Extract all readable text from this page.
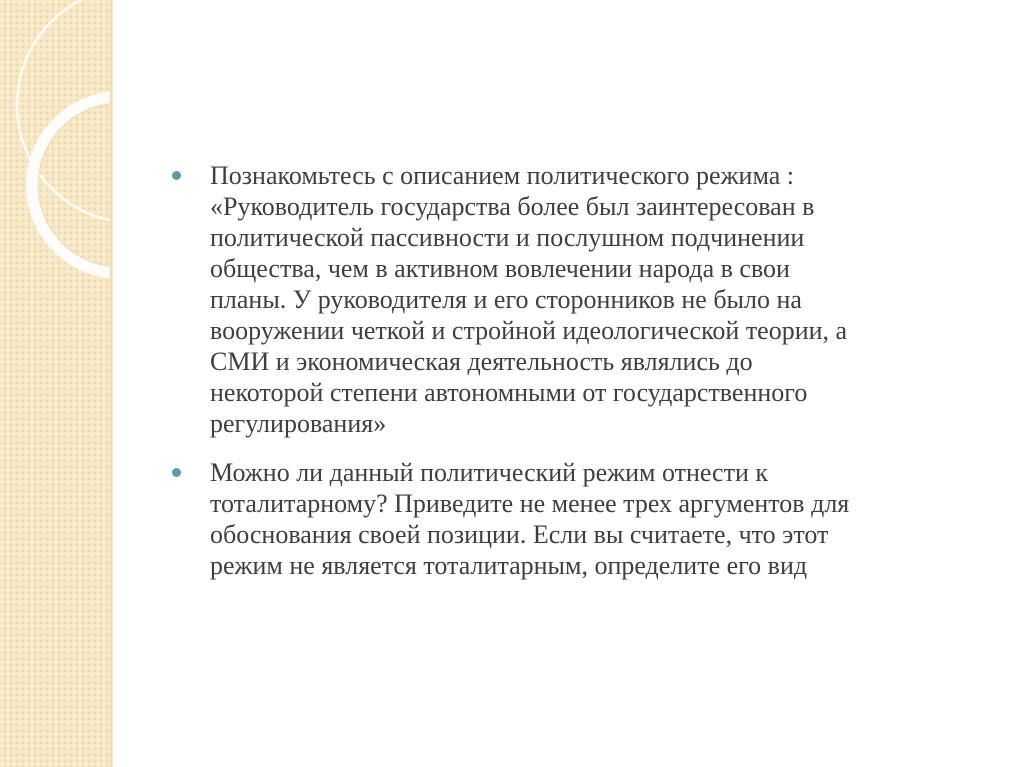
Познакомьтесь с описанием политического режима :
«Руководитель государства более был заинтересован в
политической пассивности и послушном подчинении
общества, чем в активном вовлечении народа в свои
планы. У руководителя и его сторонников не было на
вооружении четкой и стройной идеологической теории, а
СМИ и экономическая деятельность являлись до
некоторой степени автономными от государственного
регулирования»
Можно ли данный политический режим отнести к
тоталитарному? Приведите не менее трех аргументов для
обоснования своей позиции. Если вы считаете, что этот
режим не является тоталитарным, определите его вид
